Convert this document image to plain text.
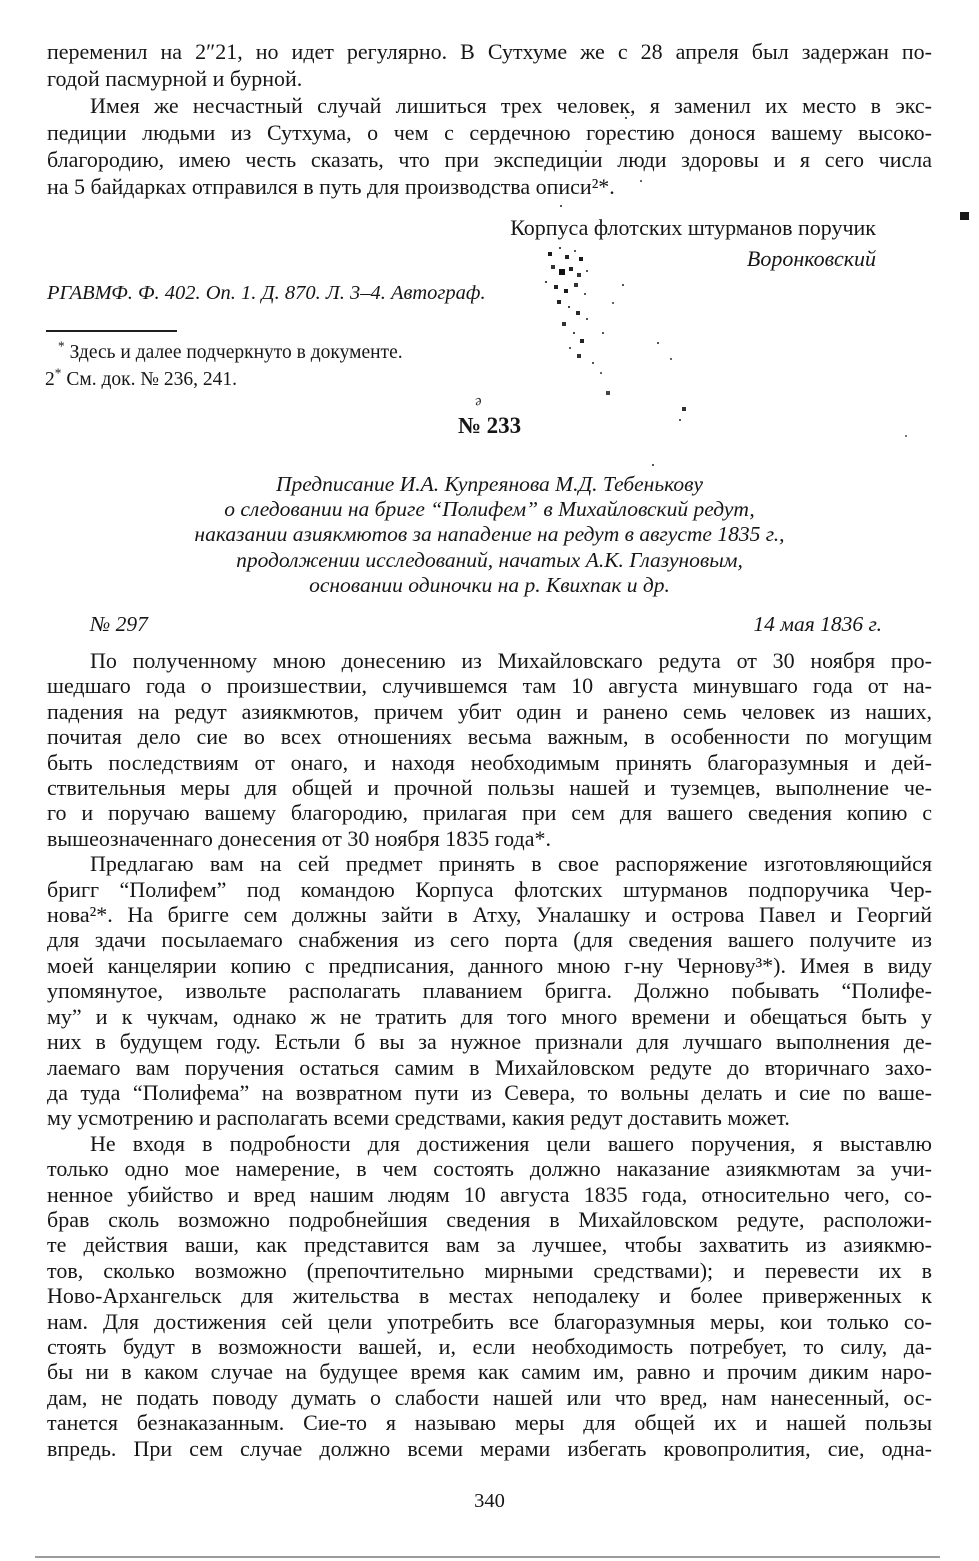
переменил на 2″21, но идет регулярно. В Сутхуме же с 28 апреля был задержан по-
годой пасмурной и бурной.
Имея же несчастный случай лишиться трех человек, я заменил их место в экс-
педиции людьми из Сутхума, о чем с сердечною горестию донося вашему высоко-
благородию, имею честь сказать, что при экспедиции люди здоровы и я сего числа
на 5 байдарках отправился в путь для производства описи²*.
Корпуса флотских штурманов поручик
Воронковский
РГАВМФ. Ф. 402. Оп. 1. Д. 870. Л. 3–4. Автограф.
* Здесь и далее подчеркнуто в документе.
2* См. док. № 236, 241.
ə
№ 233
Предписание И.А. Купреянова М.Д. Тебенькову
о следовании на бриге “Полифем” в Михайловский редут,
наказании азиякмютов за нападение на редут в августе 1835 г.,
продолжении исследований, начатых А.К. Глазуновым,
основании одиночки на р. Квихпак и др.
№ 297	14 мая 1836 г.
По полученному мною донесению из Михайловскаго редута от 30 ноября про-
шедшаго года о произшествии, случившемся там 10 августа минувшаго года от на-
падения на редут азиякмютов, причем убит один и ранено семь человек из наших,
почитая дело сие во всех отношениях весьма важным, в особенности по могущим
быть последствиям от онаго, и находя необходимым принять благоразумныя и дей-
ствительныя меры для общей и прочной пользы нашей и туземцев, выполнение че-
го и поручаю вашему благородию, прилагая при сем для вашего сведения копию с
вышеозначеннаго донесения от 30 ноября 1835 года*.
Предлагаю вам на сей предмет принять в свое распоряжение изготовляющийся
бригг “Полифем” под командою Корпуса флотских штурманов подпоручика Чер-
нова²*. На бригге сем должны зайти в Атху, Уналашку и острова Павел и Георгий
для здачи посылаемаго снабжения из сего порта (для сведения вашего получите из
моей канцелярии копию с предписания, данного мною г-ну Чернову³*). Имея в виду
упомянутое, извольте располагать плаванием бригга. Должно побывать “Полифе-
му” и к чукчам, однако ж не тратить для того много времени и обещаться быть у
них в будущем году. Естьли б вы за нужное признали для лучшаго выполнения де-
лаемаго вам поручения остаться самим в Михайловском редуте до вторичнаго захо-
да туда “Полифема” на возвратном пути из Севера, то вольны делать и сие по ваше-
му усмотрению и располагать всеми средствами, какия редут доставить может.
Не входя в подробности для достижения цели вашего поручения, я выставлю
только одно мое намерение, в чем состоять должно наказание азиякмютам за учи-
ненное убийство и вред нашим людям 10 августа 1835 года, относительно чего, со-
брав сколь возможно подробнейшия сведения в Михайловском редуте, расположи-
те действия ваши, как представится вам за лучшее, чтобы захватить из азиякмю-
тов, сколько возможно (препочтительно мирными средствами); и перевести их в
Ново-Архангельск для жительства в местах неподалеку и более приверженных к
нам. Для достижения сей цели употребить все благоразумныя меры, кои только со-
стоять будут в возможности вашей, и, если необходимость потребует, то силу, да-
бы ни в каком случае на будущее время как самим им, равно и прочим диким наро-
дам, не подать поводу думать о слабости нашей или что вред, нам нанесенный, ос-
танется безнаказанным. Сие-то я называю меры для общей их и нашей пользы
впредь. При сем случае должно всеми мерами избегать кровопролития, сие, одна-
340
